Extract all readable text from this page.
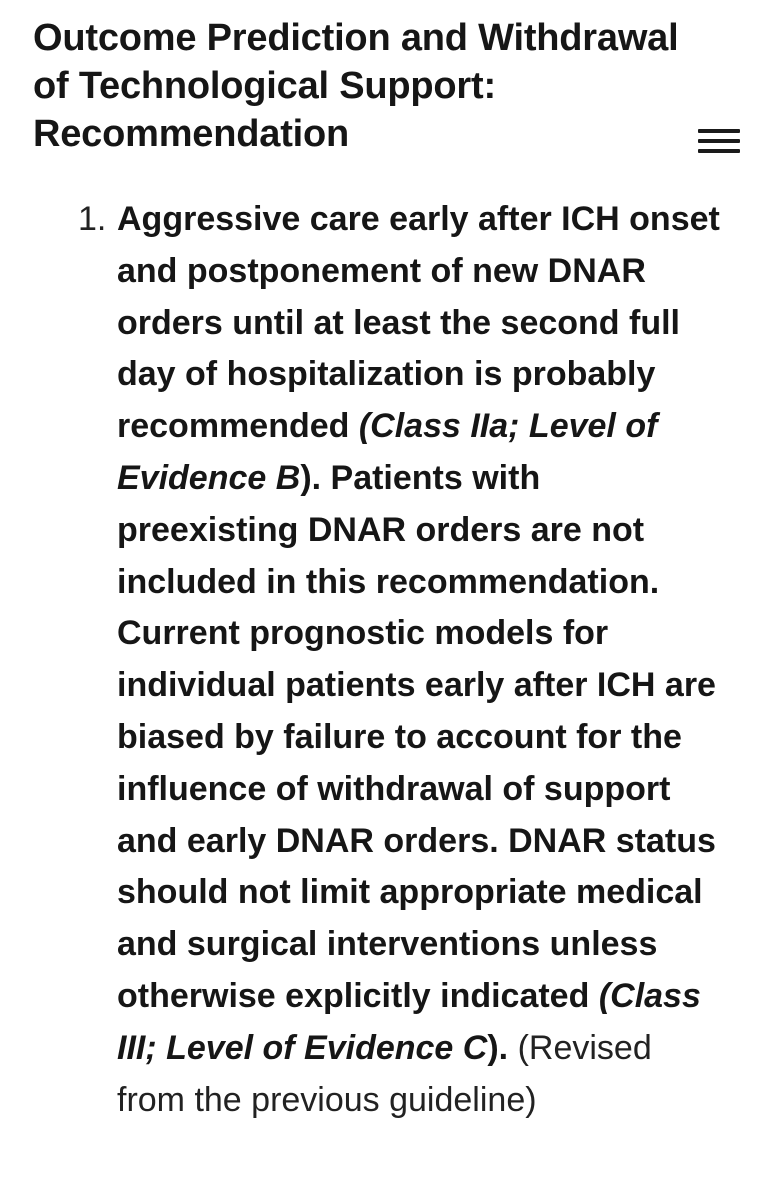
Outcome Prediction and Withdrawal of Technological Support: Recommendation
1. Aggressive care early after ICH onset and postponement of new DNAR orders until at least the second full day of hospitalization is probably recommended (Class IIa; Level of Evidence B). Patients with preexisting DNAR orders are not included in this recommendation. Current prognostic models for individual patients early after ICH are biased by failure to account for the influence of withdrawal of support and early DNAR orders. DNAR status should not limit appropriate medical and surgical interventions unless otherwise explicitly indicated (Class III; Level of Evidence C). (Revised from the previous guideline)
